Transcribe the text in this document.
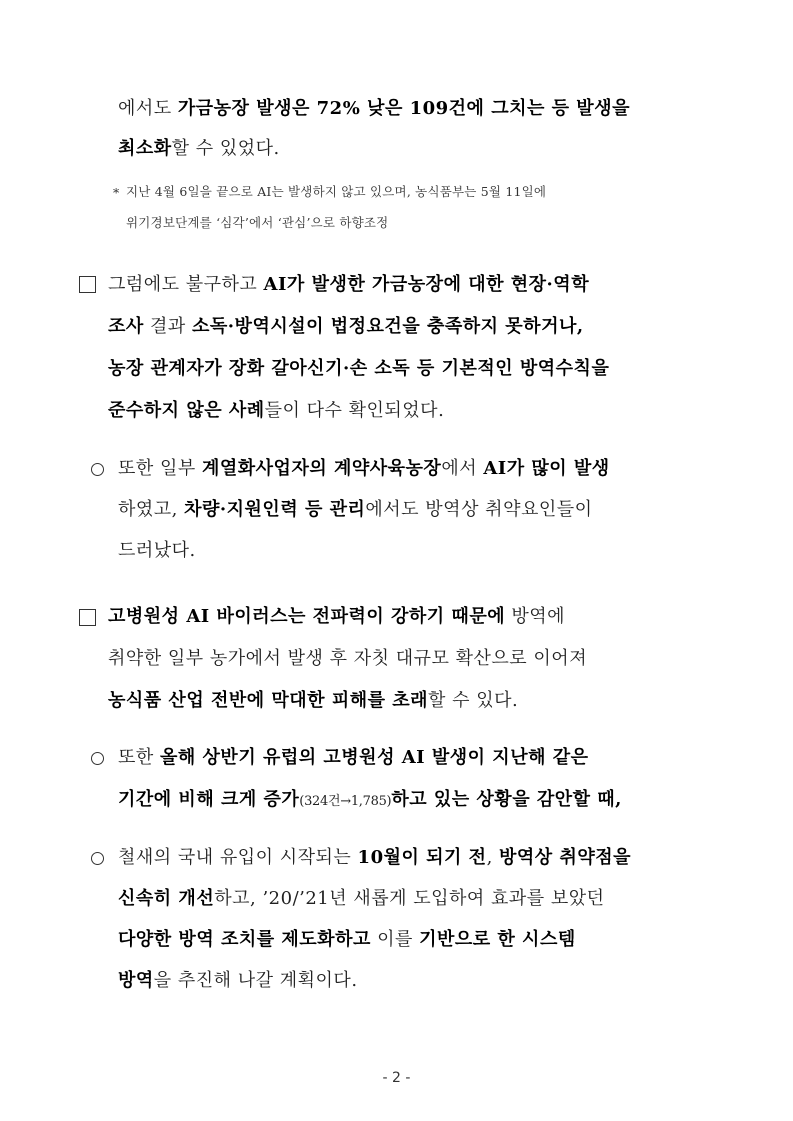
에서도 가금농장 발생은 72% 낮은 109건에 그치는 등 발생을
최소화할 수 있었다.
* 지난 4월 6일을 끝으로 AI는 발생하지 않고 있으며, 농식품부는 5월 11일에
위기경보단계를 ‘심각’에서 ‘관심’으로 하향조정
그럼에도 불구하고 AI가 발생한 가금농장에 대한 현장·역학
조사 결과 소독·방역시설이 법정요건을 충족하지 못하거나,
농장 관계자가 장화 갈아신기·손 소독 등 기본적인 방역수칙을
준수하지 않은 사례들이 다수 확인되었다.
또한 일부 계열화사업자의 계약사육농장에서 AI가 많이 발생
하였고, 차량·지원인력 등 관리에서도 방역상 취약요인들이
드러났다.
고병원성 AI 바이러스는 전파력이 강하기 때문에 방역에
취약한 일부 농가에서 발생 후 자칫 대규모 확산으로 이어져
농식품 산업 전반에 막대한 피해를 초래할 수 있다.
또한 올해 상반기 유럽의 고병원성 AI 발생이 지난해 같은
기간에 비해 크게 증가(324건→1,785)하고 있는 상황을 감안할 때,
철새의 국내 유입이 시작되는 10월이 되기 전, 방역상 취약점을
신속히 개선하고, ’20/’21년 새롭게 도입하여 효과를 보았던
다양한 방역 조치를 제도화하고 이를 기반으로 한 시스템
방역을 추진해 나갈 계획이다.
- 2 -
